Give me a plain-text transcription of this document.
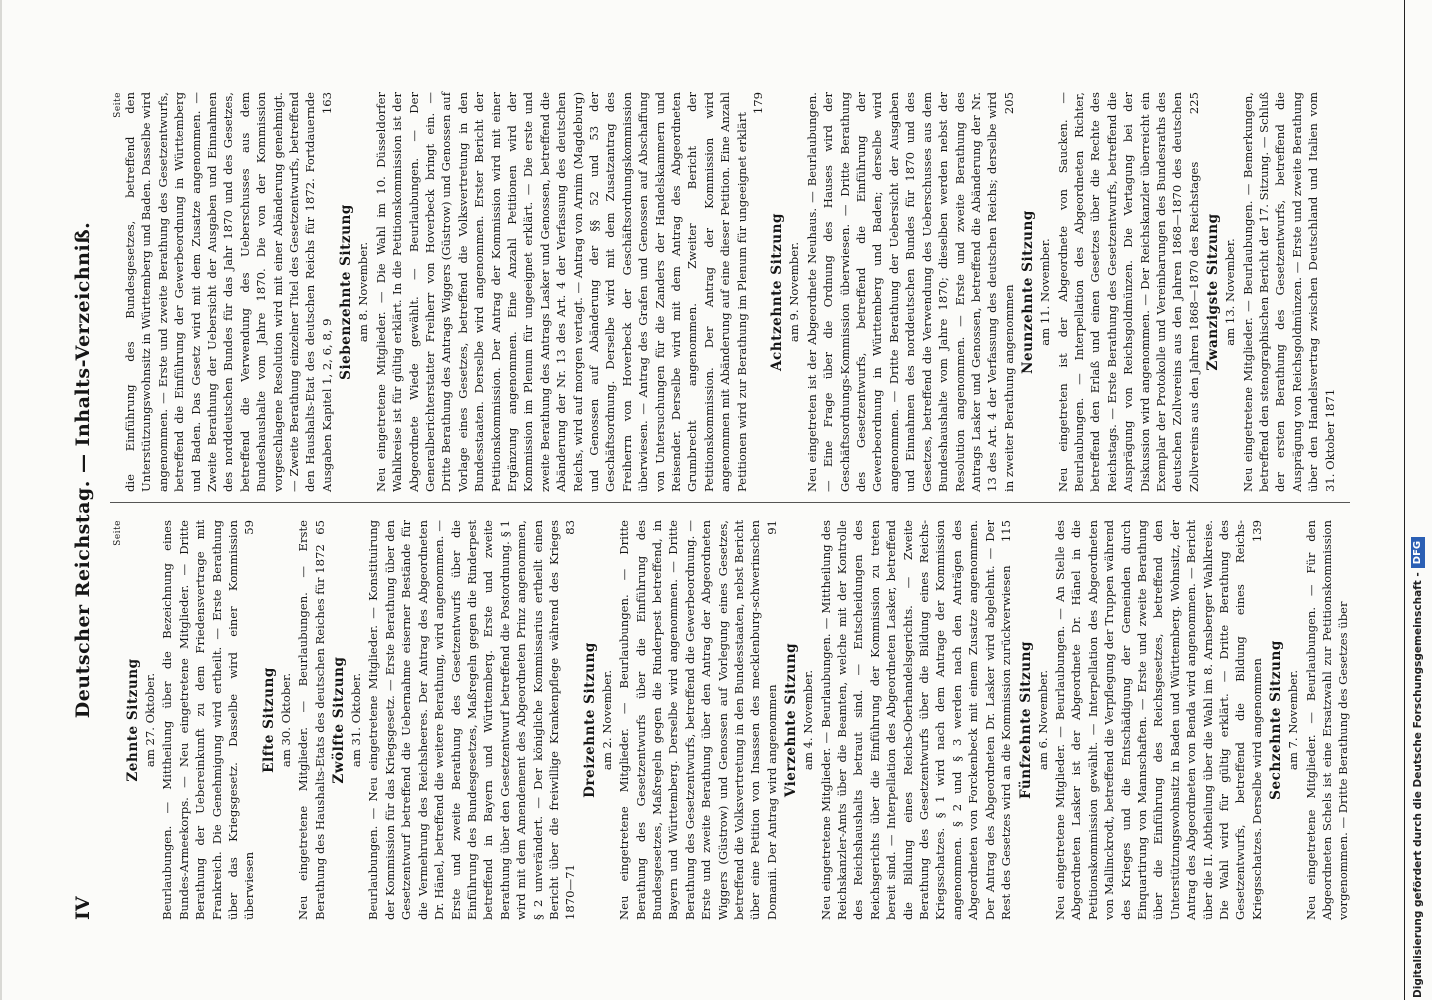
IV
Deutscher Reichstag. — Inhalts-Verzeichniß.	Seite
Zehnte Sitzung am 27. Oktober. Beurlaubungen. — Mittheilung über die Bezeichnung eines Bundes-Armeekorps. — Neu eingetretene Mitglieder. — Dritte Berathung der Uebereinkunft zu dem Friedensvertrage mit Frankreich. Die Genehmigung wird ertheilt. — Erste Berathung über das Kriegsgesetz. Dasselbe wird einer Kommission überwiesen
59
Elfte Sitzung am 30. Oktober. Neu eingetretene Mitglieder. — Beurlaubungen. — Erste Berathung des Haushalts-Etats des deutschen Reiches für 1872
65
Zwölfte Sitzung am 31. Oktober. Beurlaubungen. — Neu eingetretene Mitglieder. — Konstituirung der Kommission für das Kriegsgesetz. — Erste Berathung über den Gesetzentwurf betreffend die Uebernahme eiserner Bestände für die Vermehrung des Reichsheeres. Der Antrag des Abgeordneten Dr. Hänel, betreffend die weitere Berathung, wird angenommen. — Erste und zweite Berathung des Gesetzentwurfs über die Einführung des Bundesgesetzes, Maßregeln gegen die Rinderpest betreffend in Bayern und Württemberg. Erste und zweite Berathung über den Gesetzentwurf betreffend die Postordnung. § 1 wird mit dem Amendement des Abgeordneten Prinz angenommen, § 2 unverändert. — Der königliche Kommissarius ertheilt einen Bericht über die freiwillige Krankenpflege während des Krieges 1870—71
83
Dreizehnte Sitzung am 2. November. Neu eingetretene Mitglieder. — Beurlaubungen. — Dritte Berathung des Gesetzentwurfs über die Einführung des Bundesgesetzes, Maßregeln gegen die Rinderpest betreffend, in Bayern und Württemberg. Derselbe wird angenommen. — Dritte Berathung des Gesetzentwurfs, betreffend die Gewerbeordnung. — Erste und zweite Berathung über den Antrag der Abgeordneten Wiggers (Güstrow) und Genossen auf Vorlegung eines Gesetzes, betreffend die Volksvertretung in den Bundesstaaten, nebst Bericht über eine Petition von Insassen des mecklenburg-schwerinschen Domanii. Der Antrag wird angenommen
91
Vierzehnte Sitzung am 4. November. Neu eingetretene Mitglieder. — Beurlaubungen. — Mittheilung des Reichskanzler-Amts über die Beamten, welche mit der Kontrolle des Reichshaushalts betraut sind. — Entscheidungen des Reichsgerichts über die Einführung der Kommission zu treten bereit sind. — Interpellation des Abgeordneten Lasker, betreffend die Bildung eines Reichs-Oberhandelsgerichts. — Zweite Berathung des Gesetzentwurfs über die Bildung eines Reichs-Kriegsschatzes. § 1 wird nach dem Antrage der Kommission angenommen. § 2 und § 3 werden nach den Anträgen des Abgeordneten von Forckenbeck mit einem Zusatze angenommen. Der Antrag des Abgeordneten Dr. Lasker wird abgelehnt. — Der Rest des Gesetzes wird an die Kommission zurückverwiesen
115
Fünfzehnte Sitzung am 6. November. Neu eingetretene Mitglieder. — Beurlaubungen. — An Stelle des Abgeordneten Lasker ist der Abgeordnete Dr. Hänel in die Petitionskommission gewählt. — Interpellation des Abgeordneten von Mallinckrodt, betreffend die Verpflegung der Truppen während des Krieges und die Entschädigung der Gemeinden durch Einquartirung von Mannschaften. — Erste und zweite Berathung über die Einführung des Reichsgesetzes, betreffend den Unterstützungswohnsitz in Baden und Württemberg. Wohnsitz, der Antrag des Abgeordneten von Benda wird angenommen. — Bericht über die II. Abtheilung über die Wahl im 8. Arnsberger Wahlkreise. Die Wahl wird für gültig erklärt. — Dritte Berathung des Gesetzentwurfs, betreffend die Bildung eines Reichs-Kriegsschatzes. Derselbe wird angenommen
139
Sechzehnte Sitzung am 7. November. Neu eingetretene Mitglieder. — Beurlaubungen. — Für den Abgeordneten Schels ist eine Ersatzwahl zur Petitionskommission vorgenommen. — Dritte Berathung des Gesetzes über
Seite die Einführung des Bundesgesetzes, betreffend den Unterstützungswohnsitz in Württemberg und Baden. Dasselbe wird angenommen. — Erste und zweite Berathung des Gesetzentwurfs, betreffend die Einführung der Gewerbeordnung in Württemberg und Baden. Das Gesetz wird mit dem Zusatze angenommen. — Zweite Berathung der Uebersicht der Ausgaben und Einnahmen des norddeutschen Bundes für das Jahr 1870 und des Gesetzes, betreffend die Verwendung des Ueberschusses aus dem Bundeshaushalte vom Jahre 1870. Die von der Kommission vorgeschlagene Resolution wird mit einer Abänderung genehmigt. — Zweite Berathung einzelner Titel des Gesetzentwurfs, betreffend den Haushalts-Etat des deutschen Reichs für 1872. Fortdauernde Ausgaben Kapitel 1, 2, 6, 8, 9
163
Siebenzehnte Sitzung am 8. November. Neu eingetretene Mitglieder. — Die Wahl im 10. Düsseldorfer Wahlkreise ist für gültig erklärt. In die Petitionskommission ist der Abgeordnete Wiede gewählt. — Beurlaubungen. — Der Generalberichterstatter Freiherr von Hoverbeck bringt ein. — Dritte Berathung des Antrags Wiggers (Güstrow) und Genossen auf Vorlage eines Gesetzes, betreffend die Volksvertretung in den Bundesstaaten. Derselbe wird angenommen. Erster Bericht der Petitionskommission. Der Antrag der Kommission wird mit einer Ergänzung angenommen. Eine Anzahl Petitionen wird der Kommission im Plenum für ungeeignet erklärt. — Die erste und zweite Berathung des Antrags Lasker und Genossen, betreffend die Abänderung der Nr. 13 des Art. 4 der Verfassung des deutschen Reichs, wird auf morgen vertagt. — Antrag von Arnim (Magdeburg) und Genossen auf Abänderung der §§ 52 und 53 der Geschäftsordnung. Derselbe wird mit dem Zusatzantrag des Freiherrn von Hoverbeck der Geschäftsordnungskommission überwiesen. — Antrag des Grafen und Genossen auf Abschaffung von Untersuchungen für die Zanders der Handelskammern und Reisender. Derselbe wird mit dem Antrag des Abgeordneten Grumbrecht angenommen. Zweiter Bericht der Petitionskommission. Der Antrag der Kommission wird angenommen mit Abänderung auf eine dieser Petition. Eine Anzahl Petitionen wird zur Berathung im Plenum für ungeeignet erklärt
179
Achtzehnte Sitzung am 9. November. Neu eingetreten ist der Abgeordnete Neuhaus. — Beurlaubungen. — Eine Frage über die Ordnung des Hauses wird der Geschäftsordnungs-Kommission überwiesen. — Dritte Berathung des Gesetzentwurfs, betreffend die Einführung der Gewerbeordnung in Württemberg und Baden; derselbe wird angenommen. — Dritte Berathung der Uebersicht der Ausgaben und Einnahmen des norddeutschen Bundes für 1870 und des Gesetzes, betreffend die Verwendung des Ueberschusses aus dem Bundeshaushalte vom Jahre 1870; dieselben werden nebst der Resolution angenommen. — Erste und zweite Berathung des Antrags Lasker und Genossen, betreffend die Abänderung der Nr. 13 des Art. 4 der Verfassung des deutschen Reichs; derselbe wird in zweiter Berathung angenommen
205
Neunzehnte Sitzung am 11. November. Neu eingetreten ist der Abgeordnete von Saucken. — Beurlaubungen. — Interpellation des Abgeordneten Richter, betreffend den Erlaß und einen Gesetzes über die Rechte des Reichstags. — Erste Berathung des Gesetzentwurfs, betreffend die Ausprägung von Reichsgoldmünzen. Die Vertagung bei der Diskussion wird angenommen. — Der Reichskanzler überreicht ein Exemplar der Protokolle und Vereinbarungen des Bundesraths des deutschen Zollvereins aus den Jahren 1868—1870 des deutschen Zollvereins aus den Jahren 1868—1870 des Reichstages
225
Zwanzigste Sitzung am 13. November. Neu eingetretene Mitglieder. — Beurlaubungen. — Bemerkungen, betreffend den stenographischen Bericht der 17. Sitzung. — Schluß der ersten Berathung des Gesetzentwurfs, betreffend die Ausprägung von Reichsgoldmünzen. — Erste und zweite Berathung über den Handelsvertrag zwischen Deutschland und Italien vom 31. Oktober 1871
Digitalisierung gefördert durch die Deutsche Forschungsgemeinschaft -DFG
